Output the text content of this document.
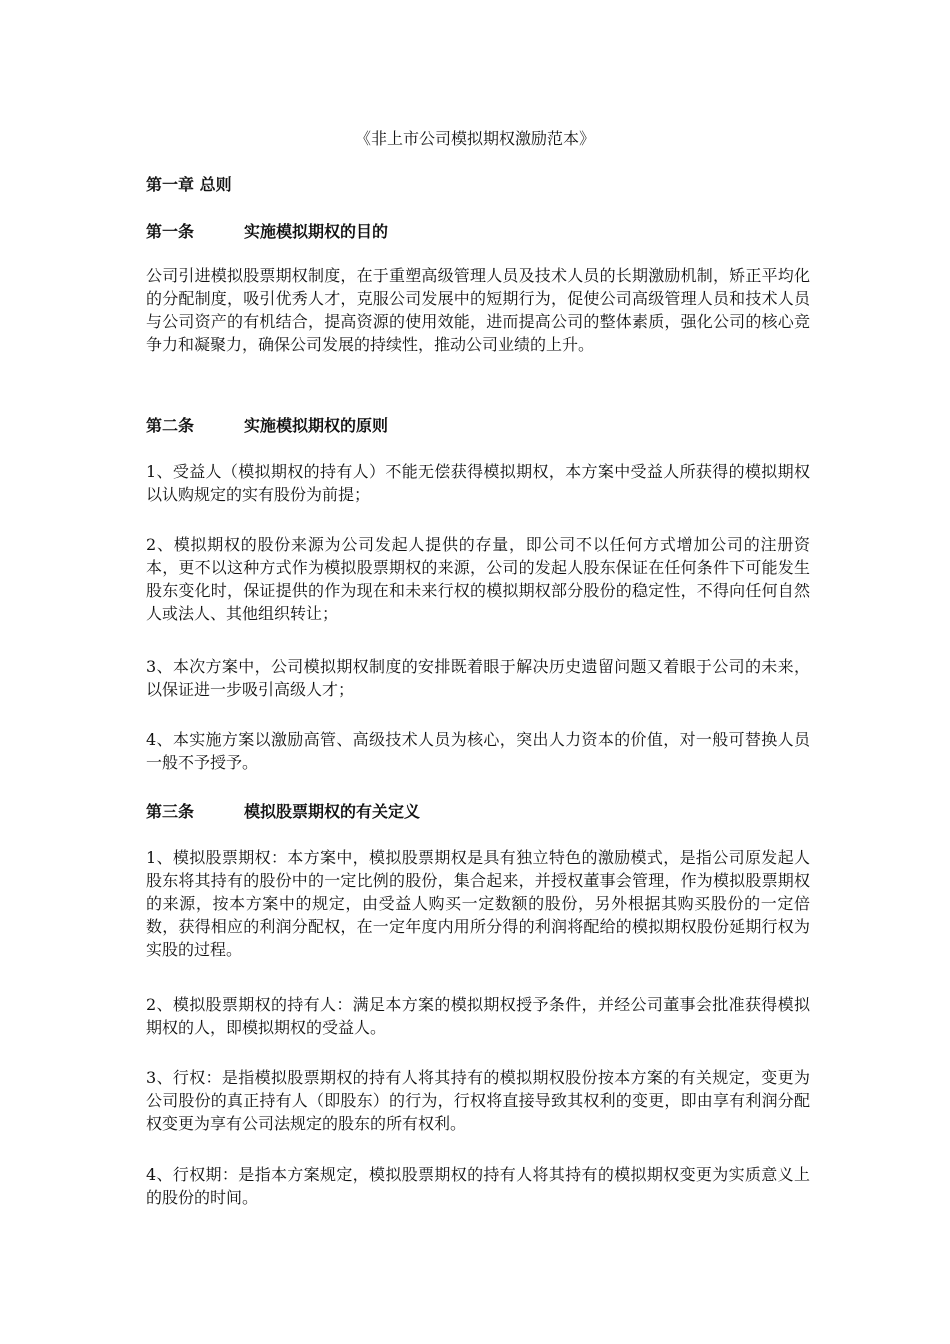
《非上市公司模拟期权激励范本》
第一章 总则
第一条	实施模拟期权的目的

公司引进模拟股票期权制度，在于重塑高级管理人员及技术人员的长期激励机制，矫正平均化的分配制度，吸引优秀人才，克服公司发展中的短期行为，促使公司高级管理人员和技术人员与公司资产的有机结合，提高资源的使用效能，进而提高公司的整体素质，强化公司的核心竞争力和凝聚力，确保公司发展的持续性，推动公司业绩的上升。

第二条	实施模拟期权的原则

1、受益人（模拟期权的持有人）不能无偿获得模拟期权，本方案中受益人所获得的模拟期权以认购规定的实有股份为前提；

2、模拟期权的股份来源为公司发起人提供的存量，即公司不以任何方式增加公司的注册资本，更不以这种方式作为模拟股票期权的来源，公司的发起人股东保证在任何条件下可能发生股东变化时，保证提供的作为现在和未来行权的模拟期权部分股份的稳定性，不得向任何自然人或法人、其他组织转让；

3、本次方案中，公司模拟期权制度的安排既着眼于解决历史遗留问题又着眼于公司的未来，以保证进一步吸引高级人才；

4、本实施方案以激励高管、高级技术人员为核心，突出人力资本的价值，对一般可替换人员一般不予授予。

第三条	模拟股票期权的有关定义

1、模拟股票期权：本方案中，模拟股票期权是具有独立特色的激励模式，是指公司原发起人股东将其持有的股份中的一定比例的股份，集合起来，并授权董事会管理，作为模拟股票期权的来源，按本方案中的规定，由受益人购买一定数额的股份，另外根据其购买股份的一定倍数，获得相应的利润分配权，在一定年度内用所分得的利润将配给的模拟期权股份延期行权为实股的过程。

2、模拟股票期权的持有人：满足本方案的模拟期权授予条件，并经公司董事会批准获得模拟期权的人，即模拟期权的受益人。

3、行权：是指模拟股票期权的持有人将其持有的模拟期权股份按本方案的有关规定，变更为公司股份的真正持有人（即股东）的行为，行权将直接导致其权利的变更，即由享有利润分配权变更为享有公司法规定的股东的所有权利。

4、行权期：是指本方案规定，模拟股票期权的持有人将其持有的模拟期权变更为实质意义上的股份的时间。
